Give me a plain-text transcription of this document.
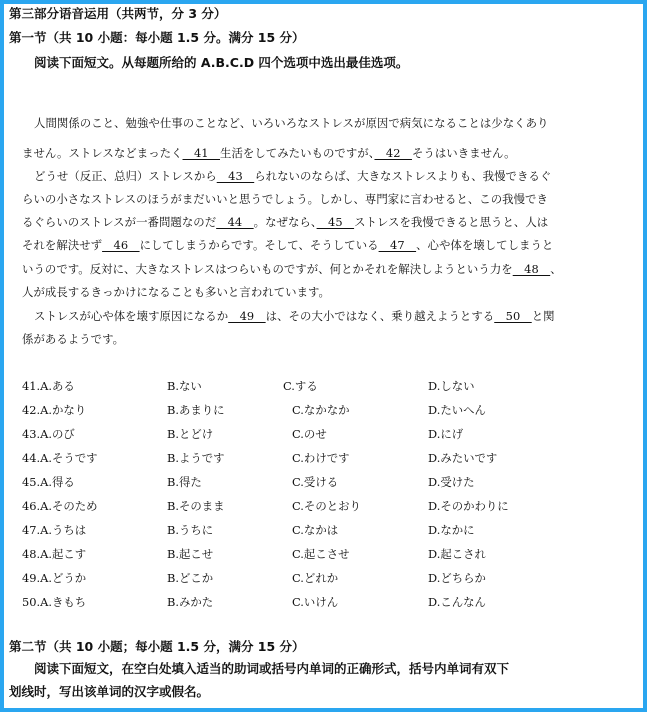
第三部分语音运用（共两节，分 3 分）
第一节（共 10 小题：每小题 1.5 分。满分 15 分）
阅读下面短文。从每题所给的 A.B.C.D 四个选项中选出最佳选项。
人間関係のこと、勉強や仕事のことなど、いろいろなストレスが原因で病気になることは少なくあり
ません。ストレスなどまったく　41　生活をしてみたいものですが、　42　そうはいきません。
どうせ（反正、总归）ストレスから　43　られないのならば、大きなストレスよりも、我慢できるぐ
らいの小さなストレスのほうがまだいいと思うでしょう。しかし、専門家に言わせると、この我慢でき
るぐらいのストレスが一番問題なのだ　44　。なぜなら、　45　ストレスを我慢できると思うと、人は
それを解決せず　46　にしてしまうからです。そして、そうしている　47　、心や体を壊してしまうと
いうのです。反対に、大きなストレスはつらいものですが、何とかそれを解決しようという力を　48　、
人が成長するきっかけになることも多いと言われています。
ストレスが心や体を壊す原因になるか　49　は、その大小ではなく、乗り越えようとする　50　と関
係があるようです。
41.A.ある	B.ない	C.する	D.しない
42.A.かなり	B.あまりに	C.なかなか	D.たいへん
43.A.のび	B.とどけ	C.のせ	D.にげ
44.A.そうです	B.ようです	C.わけです	D.みたいです
45.A.得る	B.得た	C.受ける	D.受けた
46.A.そのため	B.そのまま	C.そのとおり	D.そのかわりに
47.A.うちは	B.うちに	C.なかは	D.なかに
48.A.起こす	B.起こせ	C.起こさせ	D.起こされ
49.A.どうか	B.どこか	C.どれか	D.どちらか
50.A.きもち	B.みかた	C.いけん	D.こんなん
第二节（共 10 小题；每小题 1.5 分，满分 15 分）
阅读下面短文，在空白处填入适当的助词或括号内单词的正确形式，括号内单词有双下
划线时，写出该单词的汉字或假名。
